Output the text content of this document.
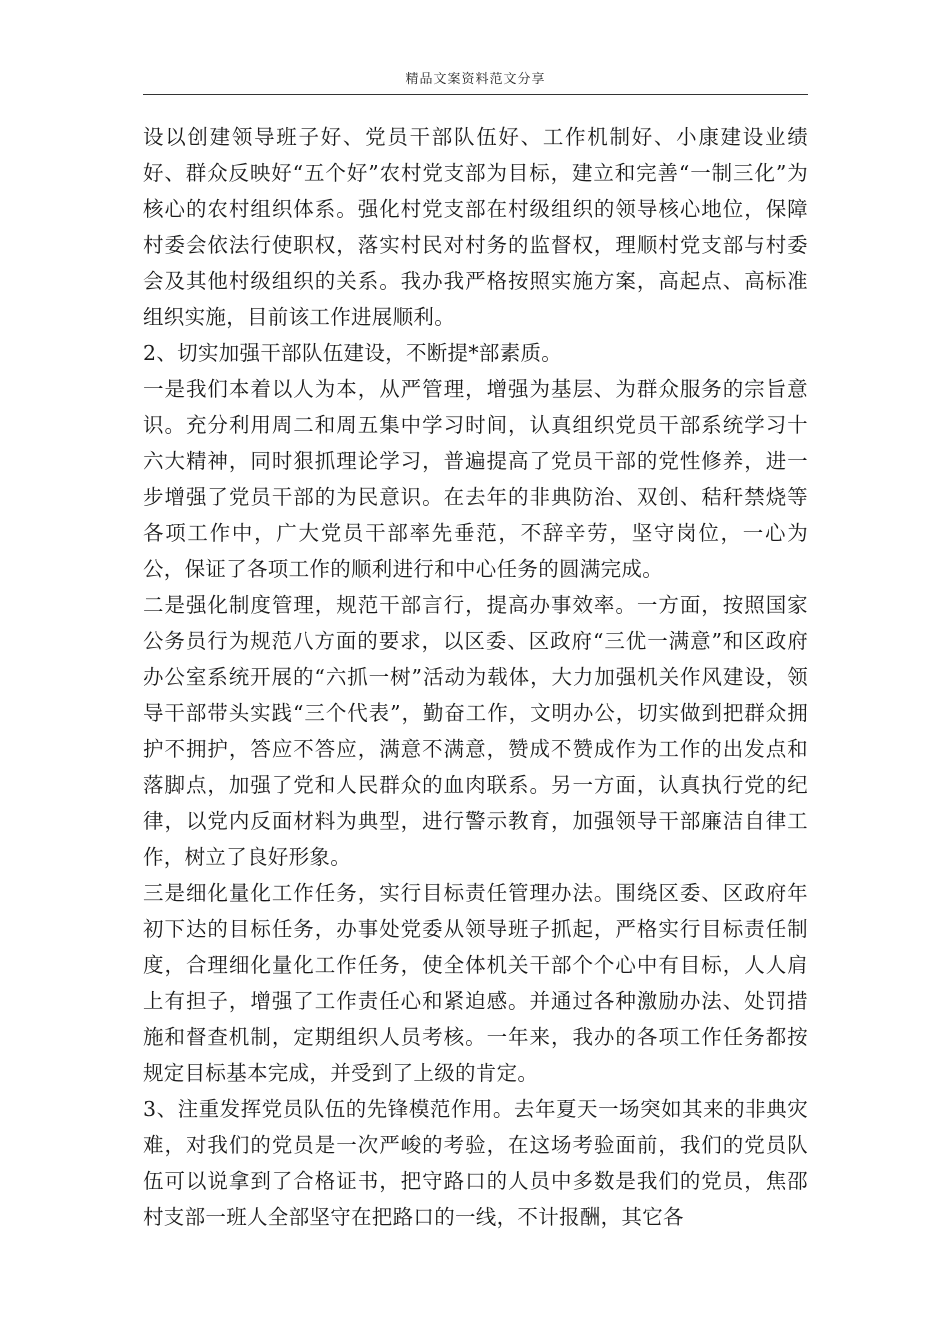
精品文案资料范文分享

设以创建领导班子好、党员干部队伍好、工作机制好、小康建设业绩好、群众反映好“五个好”农村党支部为目标，建立和完善“一制三化”为核心的农村组织体系。强化村党支部在村级组织的领导核心地位，保障村委会依法行使职权，落实村民对村务的监督权，理顺村党支部与村委会及其他村级组织的关系。我办我严格按照实施方案，高起点、高标准组织实施，目前该工作进展顺利。

2、切实加强干部队伍建设，不断提*部素质。

一是我们本着以人为本，从严管理，增强为基层、为群众服务的宗旨意识。充分利用周二和周五集中学习时间，认真组织党员干部系统学习十六大精神，同时狠抓理论学习，普遍提高了党员干部的党性修养，进一步增强了党员干部的为民意识。在去年的非典防治、双创、秸秆禁烧等各项工作中，广大党员干部率先垂范，不辞辛劳，坚守岗位，一心为公，保证了各项工作的顺利进行和中心任务的圆满完成。

二是强化制度管理，规范干部言行，提高办事效率。一方面，按照国家公务员行为规范八方面的要求，以区委、区政府“三优一满意”和区政府办公室系统开展的“六抓一树”活动为载体，大力加强机关作风建设，领导干部带头实践“三个代表”，勤奋工作，文明办公，切实做到把群众拥护不拥护，答应不答应，满意不满意，赞成不赞成作为工作的出发点和落脚点，加强了党和人民群众的血肉联系。另一方面，认真执行党的纪律，以党内反面材料为典型，进行警示教育，加强领导干部廉洁自律工作，树立了良好形象。

三是细化量化工作任务，实行目标责任管理办法。围绕区委、区政府年初下达的目标任务，办事处党委从领导班子抓起，严格实行目标责任制度，合理细化量化工作任务，使全体机关干部个个心中有目标，人人肩上有担子，增强了工作责任心和紧迫感。并通过各种激励办法、处罚措施和督查机制，定期组织人员考核。一年来，我办的各项工作任务都按规定目标基本完成，并受到了上级的肯定。

3、注重发挥党员队伍的先锋模范作用。去年夏天一场突如其来的非典灾难，对我们的党员是一次严峻的考验，在这场考验面前，我们的党员队伍可以说拿到了合格证书，把守路口的人员中多数是我们的党员，焦邵村支部一班人全部坚守在把路口的一线，不计报酬，其它各
